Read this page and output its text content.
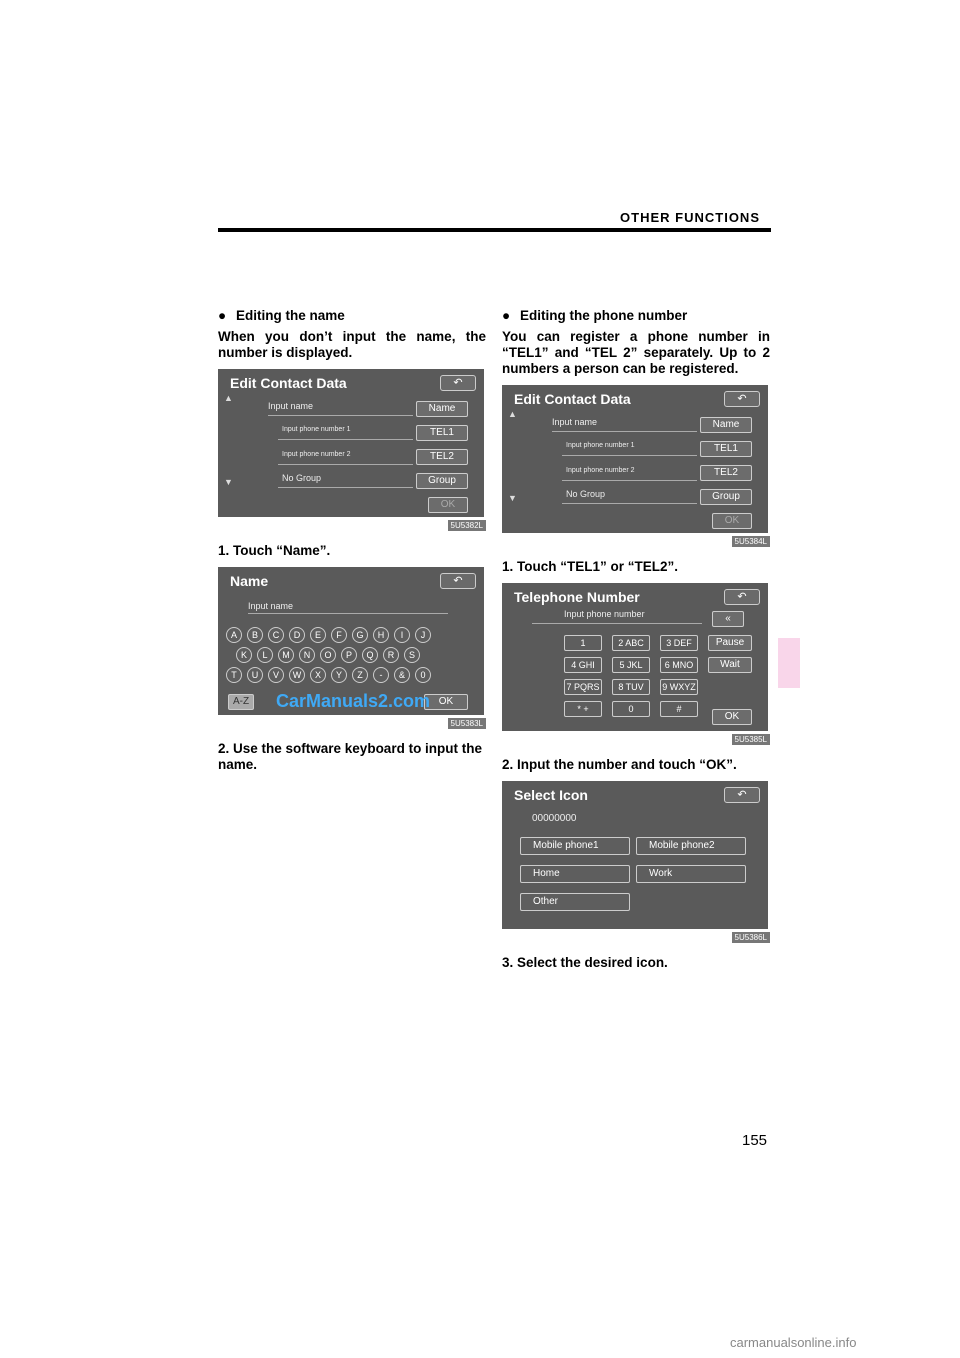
OTHER FUNCTIONS
● Editing the name
When you don’t input the name, the number is displayed.
Edit Contact Data	↶
▲
▼
Input name
Input phone number 1
Input phone number 2
No Group
Name
TEL1
TEL2
Group
OK
5U5382L
1. Touch “Name”.
Name	↶
Input name
A	B	C	D	E	F	G	H	I	J
K	L	M	N	O	P	Q	R	S
T	U	V	W	X	Y	Z	-	&	0
A-Z	OK
CarManuals2.com
5U5383L
2. Use the software keyboard to input the name.
● Editing the phone number
You can register a phone number in “TEL1” and “TEL 2” separately. Up to 2 numbers a person can be registered.
Edit Contact Data	↶
▲
▼
Input name
Input phone number 1
Input phone number 2
No Group
Name
TEL1
TEL2
Group
OK
5U5384L
1. Touch “TEL1” or “TEL2”.
Telephone Number	↶
Input phone number	«
1	2 ABC	3 DEF
4 GHI	5 JKL	6 MNO
7 PQRS	8 TUV	9 WXYZ
* +	0	#
Pause
Wait
OK
5U5385L
2. Input the number and touch “OK”.
Select Icon	↶
00000000
Mobile phone1	Mobile phone2
Home	Work
Other
5U5386L
3. Select the desired icon.
155
carmanualsonline.info
